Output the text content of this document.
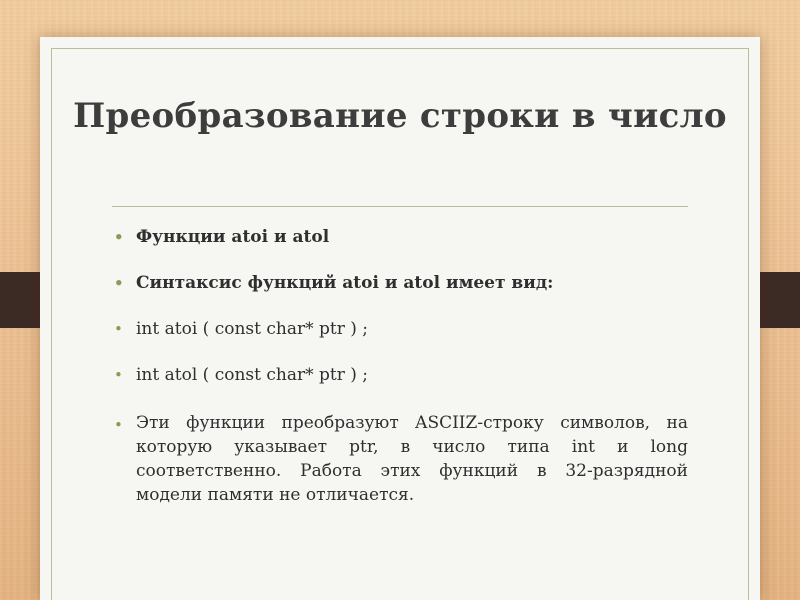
Преобразование строки в число
• Функции atoi и atol
• Синтаксис функций atoi и atol имеет вид:
• int atoi ( const char* ptr ) ;
• int atol ( const char* ptr ) ;
• Эти функции преобразуют ASCIIZ-строку символов, на которую указывает ptr, в число типа int и long соответственно. Работа этих функций в 32-разрядной модели памяти не отличается.
